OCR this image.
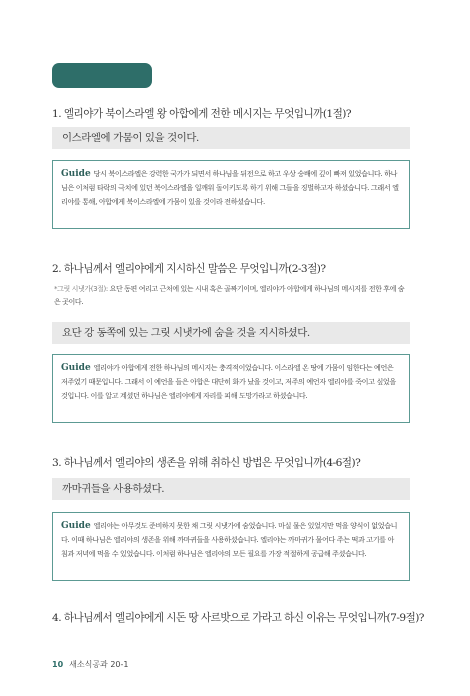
1. 엘리야가 북이스라엘 왕 아합에게 전한 메시지는 무엇입니까(1절)?
이스라엘에 가뭄이 있을 것이다.
Guide 당시 북이스라엘은 강력한 국가가 되면서 하나님을 뒤전으로 하고 우상 숭배에 깊이 빠져 있었습니다. 하나님은 이처럼 타락의 극치에 있던 북이스라엘을 일깨워 돌이키도록 하기 위해 그들을 징벌하고자 하셨습니다. 그래서 엘리야를 통해, 아합에게 북이스라엘에 가뭄이 있을 것이라 전하셨습니다.
2. 하나님께서 엘리야에게 지시하신 말씀은 무엇입니까(2-3절)?
*그릿 시냇가(3절): 요단 동편 여리고 근처에 있는 시내 혹은 골짜기이며, 엘리야가 아합에게 하나님의 메시지를 전한 후에 숨은 곳이다.
요단 강 동쪽에 있는 그릿 시냇가에 숨을 것을 지시하셨다.
Guide 엘리야가 아합에게 전한 하나님의 메시지는 충격적이었습니다. 이스라엘 온 땅에 가뭄이 임한다는 예언은 저주였기 때문입니다. 그래서 이 예언을 들은 아합은 대단히 화가 났을 것이고, 저주의 예언자 엘리야를 죽이고 싶었을 것입니다. 이를 알고 계셨던 하나님은 엘리야에게 자리를 피해 도망가라고 하셨습니다.
3. 하나님께서 엘리야의 생존을 위해 취하신 방법은 무엇입니까(4-6절)?
까마귀들을 사용하셨다.
Guide 엘리야는 아무것도 준비하지 못한 채 그릿 시냇가에 숨었습니다. 마실 물은 있었지만 먹을 양식이 없었습니다. 이때 하나님은 엘리야의 생존을 위해 까마귀들을 사용하셨습니다. 엘리야는 까마귀가 물어다 주는 떡과 고기를 아침과 저녁에 먹을 수 있었습니다. 이처럼 하나님은 엘리야의 모든 필요를 가장 적절하게 공급해 주셨습니다.
4. 하나님께서 엘리야에게 시돈 땅 사르밧으로 가라고 하신 이유는 무엇입니까(7-9절)?
10 새소식공과 20-1
